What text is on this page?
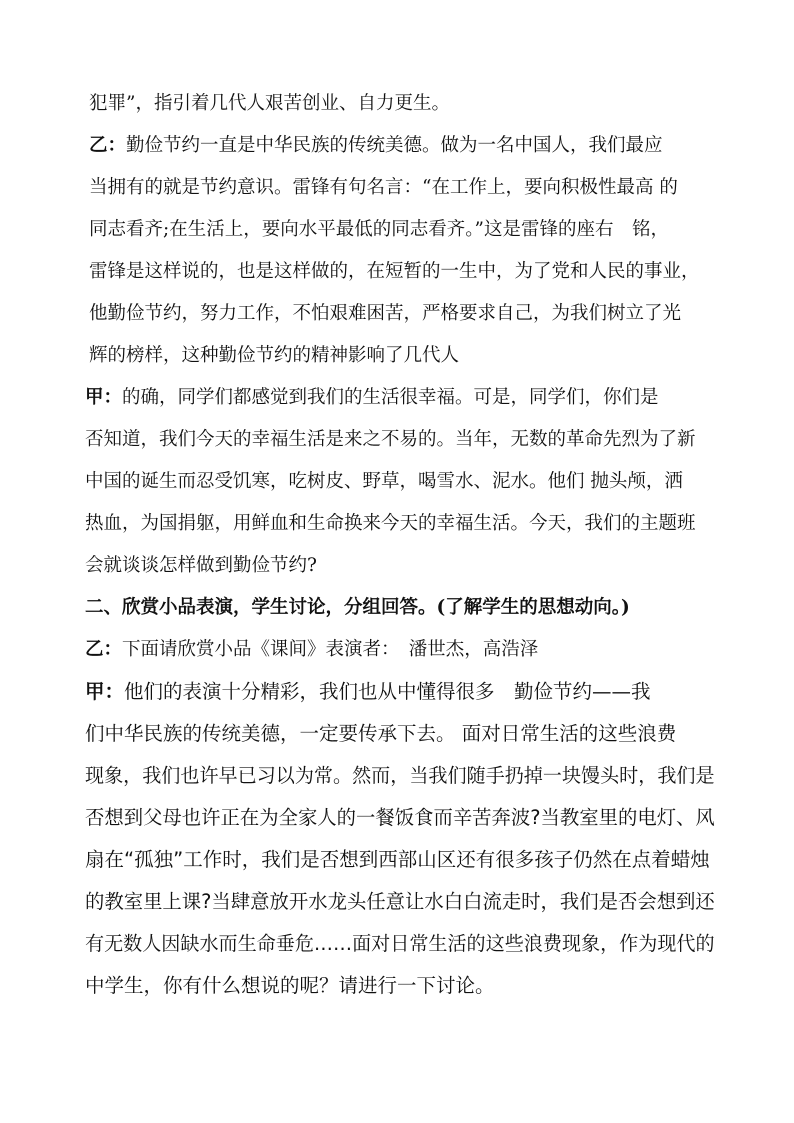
犯罪”，指引着几代人艰苦创业、自力更生。
乙：勤俭节约一直是中华民族的传统美德。做为一名中国人，我们最应
当拥有的就是节约意识。雷锋有句名言：“在工作上，要向积极性最高 的
同志看齐;在生活上，要向水平最低的同志看齐。”这是雷锋的座右　铭，
雷锋是这样说的，也是这样做的，在短暂的一生中，为了党和人民的事业，
他勤俭节约，努力工作，不怕艰难困苦，严格要求自己，为我们树立了光
辉的榜样，这种勤俭节约的精神影响了几代人
甲：的确，同学们都感觉到我们的生活很幸福。可是，同学们，你们是
否知道，我们今天的幸福生活是来之不易的。当年，无数的革命先烈为了新
中国的诞生而忍受饥寒，吃树皮、野草，喝雪水、泥水。他们 抛头颅，洒
热血，为国捐躯，用鲜血和生命换来今天的幸福生活。今天，我们的主题班
会就谈谈怎样做到勤俭节约?
二、欣赏小品表演，学生讨论，分组回答。(了解学生的思想动向。)
乙：下面请欣赏小品《课间》表演者：　潘世杰，高浩泽
甲：他们的表演十分精彩，我们也从中懂得很多　勤俭节约——我
们中华民族的传统美德，一定要传承下去。 面对日常生活的这些浪费
现象，我们也许早已习以为常。然而，当我们随手扔掉一块馒头时，我们是
否想到父母也许正在为全家人的一餐饭食而辛苦奔波?当教室里的电灯、风
扇在“孤独”工作时，我们是否想到西部山区还有很多孩子仍然在点着蜡烛
的教室里上课?当肆意放开水龙头任意让水白白流走时，我们是否会想到还
有无数人因缺水而生命垂危……面对日常生活的这些浪费现象，作为现代的
中学生，你有什么想说的呢？请进行一下讨论。
